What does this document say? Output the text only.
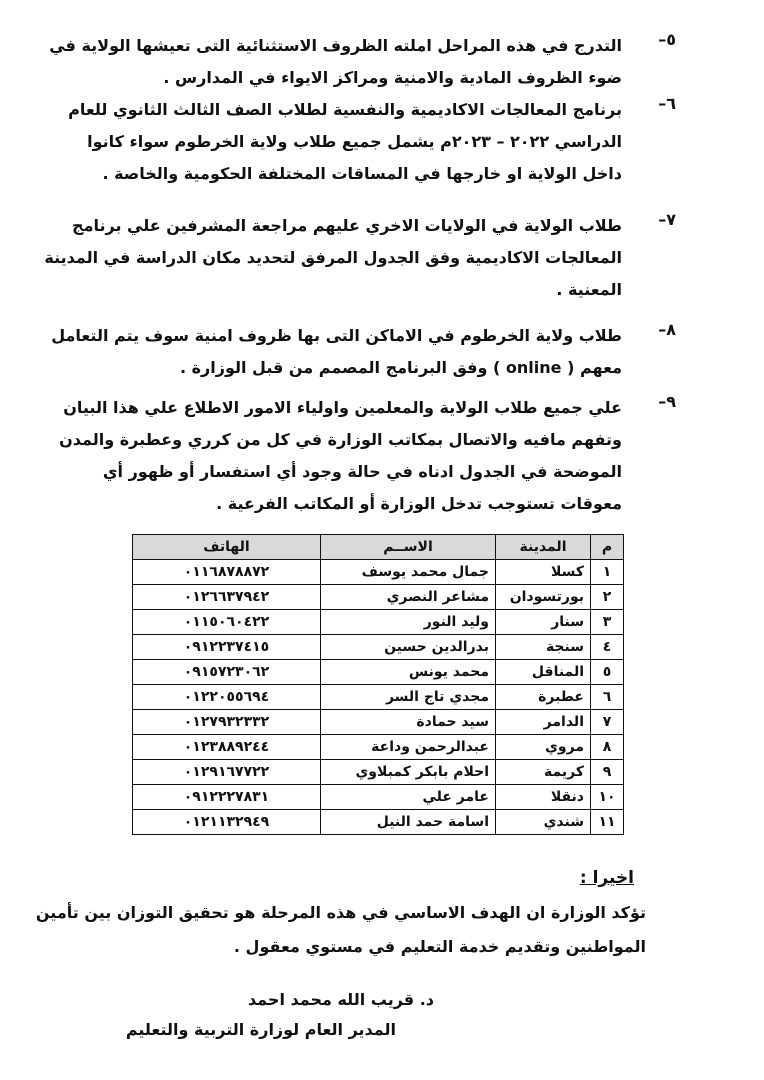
٥–
التدرج في هذه المراحل املته الظروف الاستثنائية التى تعيشها الولاية في
ضوء الظروف المادية والامنية ومراكز الايواء في المدارس .
٦–
برنامج المعالجات الاكاديمية والنفسية لطلاب الصف الثالث الثانوي للعام
الدراسي ٢٠٢٢ – ٢٠٢٣م يشمل جميع طلاب ولاية الخرطوم سواء كانوا
داخل الولاية او خارجها في المساقات المختلفة الحكومية والخاصة .
٧–
طلاب الولاية في الولايات الاخري عليهم مراجعة المشرفين علي برنامج
المعالجات الاكاديمية وفق الجدول المرفق لتحديد مكان الدراسة في المدينة
المعنية .
٨–
طلاب ولاية الخرطوم في الاماكن التى بها ظروف امنية سوف يتم التعامل
معهم ( online ) وفق البرنامج المصمم من قبل الوزارة .
٩–
علي جميع طلاب الولاية والمعلمين واولياء الامور الاطلاع علي هذا البيان
وتفهم مافيه والاتصال بمكاتب الوزارة في كل من كرري وعطبرة والمدن
الموضحة في الجدول ادناه في حالة وجود أي استفسار أو ظهور أي
معوقات تستوجب تدخل الوزارة أو المكاتب الفرعية .
م	المدينة	الاســم	الهاتف
١	كسلا	جمال محمد يوسف	٠١١٦٨٧٨٨٧٢
٢	بورتسودان	مشاعر النصري	٠١٢٦٦٣٧٩٤٢
٣	سنار	وليد النور	٠١١٥٠٦٠٤٢٢
٤	سنجة	بدرالدين حسين	٠٩١٢٢٣٧٤١٥
٥	المناقل	محمد يونس	٠٩١٥٧٢٣٠٦٢
٦	عطبرة	مجدي تاج السر	٠١٢٢٠٥٥٦٩٤
٧	الدامر	سيد حمادة	٠١٢٧٩٣٢٣٣٢
٨	مروي	عبدالرحمن وداعة	٠١٢٣٨٨٩٢٤٤
٩	كريمة	احلام بابكر كمبلاوي	٠١٢٩١٦٧٧٢٢
١٠	دنقلا	عامر علي	٠٩١٢٢٢٧٨٣١
١١	شندي	اسامة حمد النيل	٠١٢١١٣٢٩٤٩
اخيرا :
تؤكد الوزارة ان الهدف الاساسي في هذه المرحلة هو تحقيق التوزان بين تأمين
المواطنين وتقديم خدمة التعليم في مستوي معقول .
د. قريب الله محمد احمد
المدير العام لوزارة التربية والتعليم
